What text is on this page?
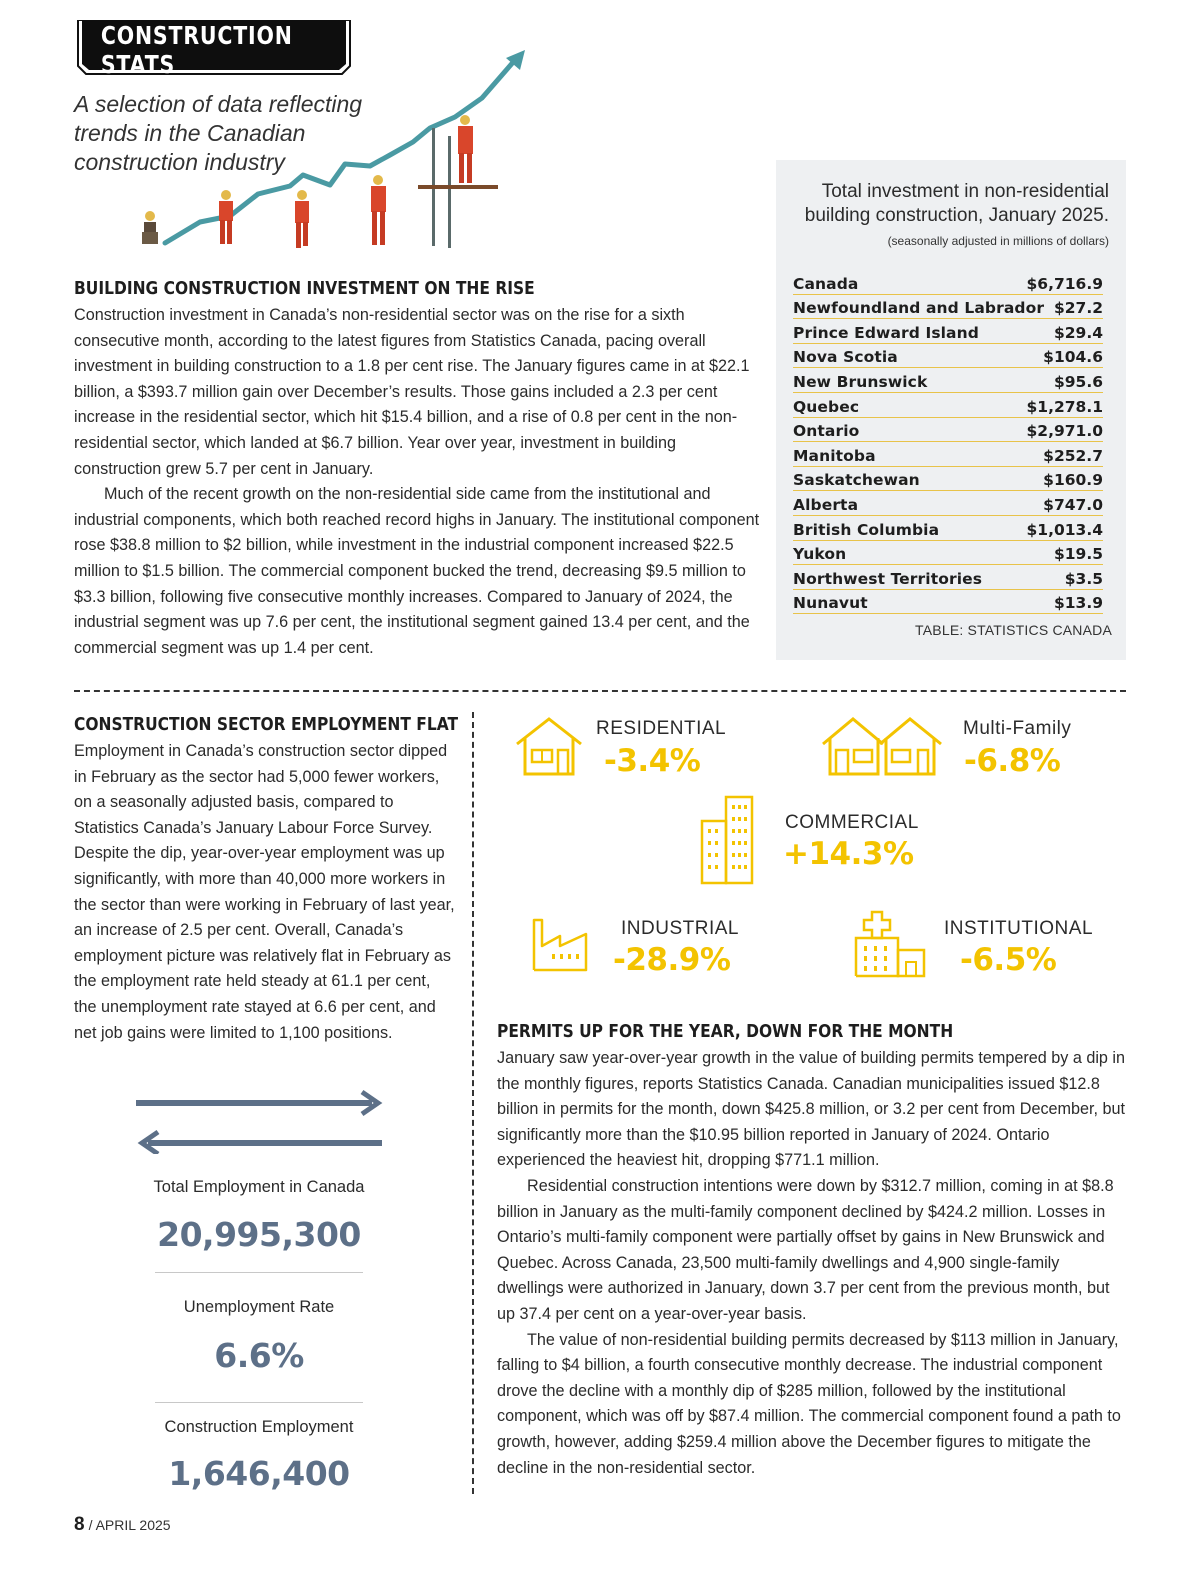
CONSTRUCTION STATS
A selection of data reflecting trends in the Canadian construction industry
Total investment in non-residential building construction, January 2025.
(seasonally adjusted in millions of dollars)
Canada	$6,716.9
Newfoundland and Labrador $27.2
Prince Edward Island	$29.4
Nova Scotia	$104.6
New Brunswick	$95.6
Quebec	$1,278.1
Ontario	$2,971.0
Manitoba	$252.7
Saskatchewan	$160.9
Alberta	$747.0
British Columbia	$1,013.4
Yukon	$19.5
Northwest Territories	$3.5
Nunavut	$13.9
TABLE: STATISTICS CANADA
BUILDING CONSTRUCTION INVESTMENT ON THE RISE

Construction investment in Canada’s non-residential sector was on the rise for a sixth consecutive month, according to the latest figures from Statistics Canada, pacing overall investment in building construction to a 1.8 per cent rise. The January figures came in at $22.1 billion, a $393.7 million gain over December’s results. Those gains included a 2.3 per cent increase in the residential sector, which hit $15.4 billion, and a rise of 0.8 per cent in the non-residential sector, which landed at $6.7 billion. Year over year, investment in building construction grew 5.7 per cent in January.

Much of the recent growth on the non-residential side came from the institutional and industrial components, which both reached record highs in January. The institutional component rose $38.8 million to $2 billion, while investment in the industrial component increased $22.5 million to $1.5 billion. The commercial component bucked the trend, decreasing $9.5 million to $3.3 billion, following five consecutive monthly increases. Compared to January of 2024, the industrial segment was up 7.6 per cent, the institutional segment gained 13.4 per cent, and the commercial segment was up 1.4 per cent.

CONSTRUCTION SECTOR EMPLOYMENT FLAT

Employment in Canada’s construction sector dipped in February as the sector had 5,000 fewer workers, on a seasonally adjusted basis, compared to Statistics Canada’s January Labour Force Survey. Despite the dip, year-over-year employment was up significantly, with more than 40,000 more workers in the sector than were working in February of last year, an increase of 2.5 per cent. Overall, Canada’s employment picture was relatively flat in February as the employment rate held steady at 61.1 per cent, the unemployment rate stayed at 6.6 per cent, and net job gains were limited to 1,100 positions.

Total Employment in Canada
20,995,300
Unemployment Rate
6.6%
Construction Employment
1,646,400
RESIDENTIAL
-3.4%
Multi-Family
-6.8%
COMMERCIAL
+14.3%
INDUSTRIAL
-28.9%
INSTITUTIONAL
-6.5%
PERMITS UP FOR THE YEAR, DOWN FOR THE MONTH

January saw year-over-year growth in the value of building permits tempered by a dip in the monthly figures, reports Statistics Canada. Canadian municipalities issued $12.8 billion in permits for the month, down $425.8 million, or 3.2 per cent from December, but significantly more than the $10.95 billion reported in January of 2024. Ontario experienced the heaviest hit, dropping $771.1 million.

Residential construction intentions were down by $312.7 million, coming in at $8.8 billion in January as the multi-family component declined by $424.2 million. Losses in Ontario’s multi-family component were partially offset by gains in New Brunswick and Quebec. Across Canada, 23,500 multi-family dwellings and 4,900 single-family dwellings were authorized in January, down 3.7 per cent from the previous month, but up 37.4 per cent on a year-over-year basis.

The value of non-residential building permits decreased by $113 million in January, falling to $4 billion, a fourth consecutive monthly decrease. The industrial component drove the decline with a monthly dip of $285 million, followed by the institutional component, which was off by $87.4 million. The commercial component found a path to growth, however, adding $259.4 million above the December figures to mitigate the decline in the non-residential sector.

8 / APRIL 2025
